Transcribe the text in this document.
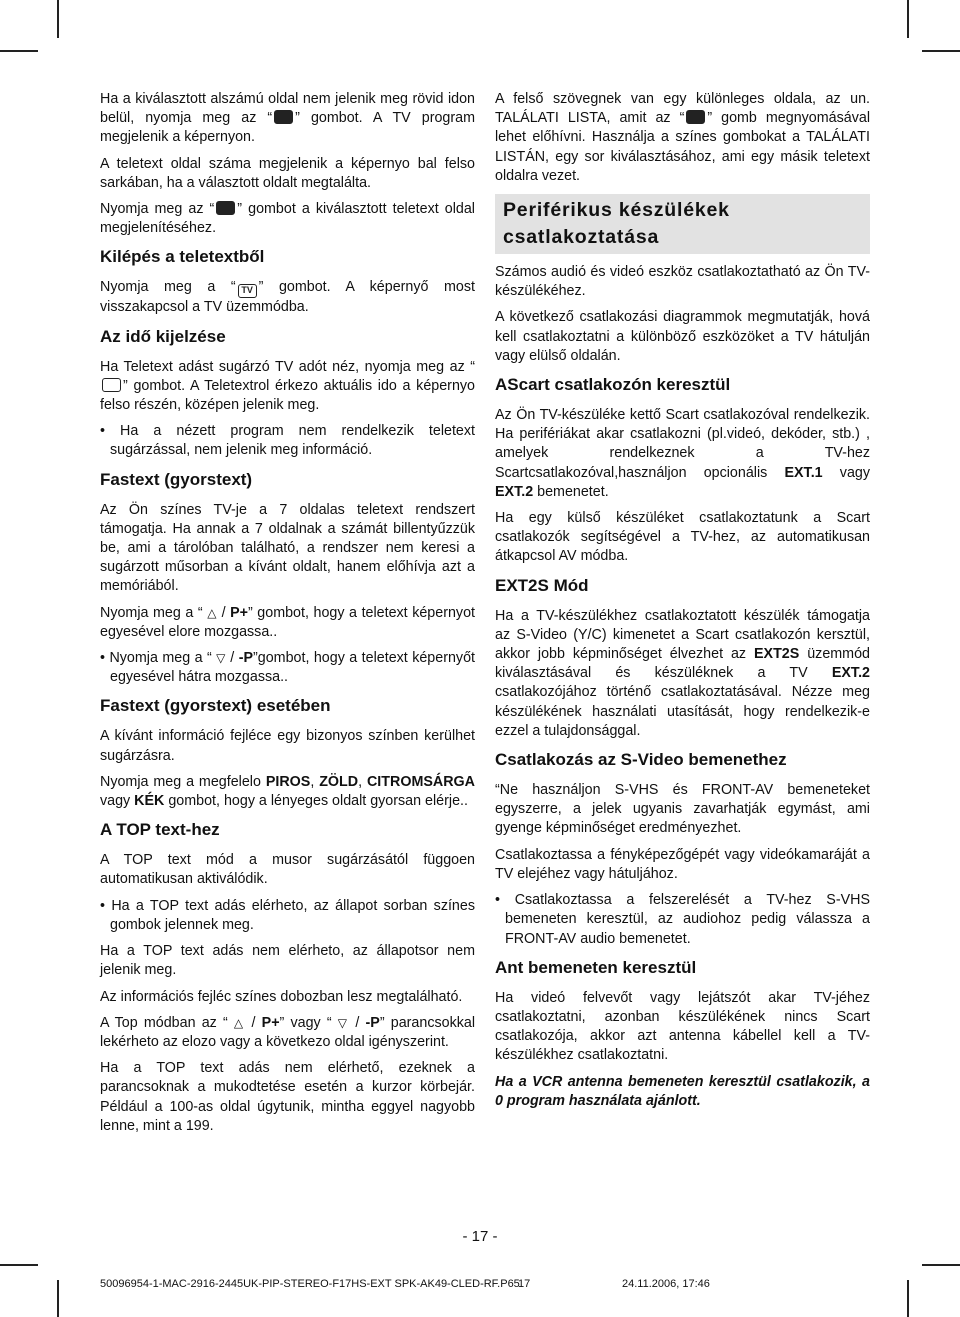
Ha a kiválasztott alszámú oldal nem jelenik meg rövid idon belül, nyomja meg az “ ” gombot. A TV program megjelenik a képernyon.

A teletext oldal száma megjelenik a képernyo bal felso sarkában, ha a választott oldalt megtalálta.

Nyomja meg az “ ” gombot a kiválasztott teletext oldal megjelenítéséhez.

Kilépés a teletextből

Nyomja meg a “ TV ” gombot. A képernyő most visszakapcsol a TV üzemmódba.

Az idő kijelzése

Ha Teletext adást sugárzó TV adót néz, nyomja meg az “” gombot. A Teletextrol érkezo aktuális ido a képernyo felso részén, középen jelenik meg.

• Ha a nézett program nem rendelkezik teletext sugárzással, nem jelenik meg információ.

Fastext (gyorstext)

Az Ön színes TV-je a 7 oldalas teletext rendszert támogatja. Ha annak a 7 oldalnak a számát billentyűzzük be, ami a tárolóban található, a rendszer nem keresi a sugárzott műsorban a kívánt oldalt, hanem előhívja azt a memóriából.

Nyomja meg a “ △ / P+” gombot, hogy a teletext képernyot egyesével elore mozgassa..

• Nyomja meg a “ ▽ / -P”gombot, hogy a teletext képernyőt egyesével hátra mozgassa..

Fastext (gyorstext) esetében

A kívánt információ fejléce egy bizonyos színben kerülhet sugárzásra.

Nyomja meg a megfelelo PIROS, ZÖLD, CITROMSÁRGA vagy KÉK gombot, hogy a lényeges oldalt gyorsan elérje..

A TOP text-hez

A TOP text mód a musor sugárzásától függoen automatikusan aktiválódik.

• Ha a TOP text adás elérheto, az állapot sorban színes gombok jelennek meg.

Ha a TOP text adás nem elérheto, az állapotsor nem jelenik meg.

Az információs fejléc színes dobozban lesz megtalálható.

A Top módban az “ △ / P+” vagy “ ▽ / -P” parancsokkal lekérheto az elozo vagy a következo oldal igényszerint.

Ha a TOP text adás nem elérhető, ezeknek a parancsoknak a mukodtetése esetén a kurzor körbejár. Például a 100-as oldal úgytunik, mintha eggyel nagyobb lenne, mint a 199.

A felső szövegnek van egy különleges oldala, az un. TALÁLATI LISTA, amit az “ ” gomb megnyomásával lehet előhívni. Használja a színes gombokat a TALÁLATI LISTÁN, egy sor kiválasztásához, ami egy másik teletext oldalra vezet.

Periférikus készülékek csatlakoztatása

Számos audió és videó eszköz csatlakoztatható az Ön TV-készülékéhez.

A következő csatlakozási diagrammok megmutatják, hová kell csatlakoztatni a különböző eszközöket a TV hátulján vagy elülső oldalán.

AScart csatlakozón keresztül

Az Ön TV-készüléke kettő Scart csatlakozóval rendelkezik. Ha perifériákat akar csatlakozni (pl.videó, dekóder, stb.) , amelyek rendelkeznek a TV-hez Scartcsatlakozóval,használjon opcionális EXT.1 vagy EXT.2 bemenetet.

Ha egy külső készüléket csatlakoztatunk a Scart csatlakozók segítségével a TV-hez, az automatikusan átkapcsol AV módba.

EXT2S Mód

Ha a TV-készülékhez csatlakoztatott készülék támogatja az S-Video (Y/C) kimenetet a Scart csatlakozón kersztül, akkor jobb képminőséget élvezhet az EXT2S üzemmód kiválasztásával és készüléknek a TV EXT.2 csatlakozójához történő csatlakoztatásával. Nézze meg készülékének használati utasítását, hogy rendelkezik-e ezzel a tulajdonsággal.

Csatlakozás az S-Video bemenethez

“Ne használjon S-VHS és FRONT-AV bemeneteket egyszerre, a jelek ugyanis zavarhatják egymást, ami gyenge képminőséget eredményezhet.

Csatlakoztassa a fényképezőgépét vagy videókamaráját a TV elejéhez vagy hátuljához.

• Csatlakoztassa a felszerelését a TV-hez S-VHS bemeneten keresztül, az audiohoz pedig válassza a FRONT-AV audio bemenetet.

Ant bemeneten keresztül

Ha videó felvevőt vagy lejátszót akar TV-jéhez csatlakoztatni, azonban készülékének nincs Scart csatlakozója, akkor azt antenna kábellel kell a TV-készülékhez csatlakoztatni.

Ha a VCR antenna bemeneten keresztül csatlakozik, a 0 program használata ajánlott.

- 17 -
50096954-1-MAC-2916-2445UK-PIP-STEREO-F17HS-EXT SPK-AK49-CLED-RF.P65
17	24.11.2006, 17:46
